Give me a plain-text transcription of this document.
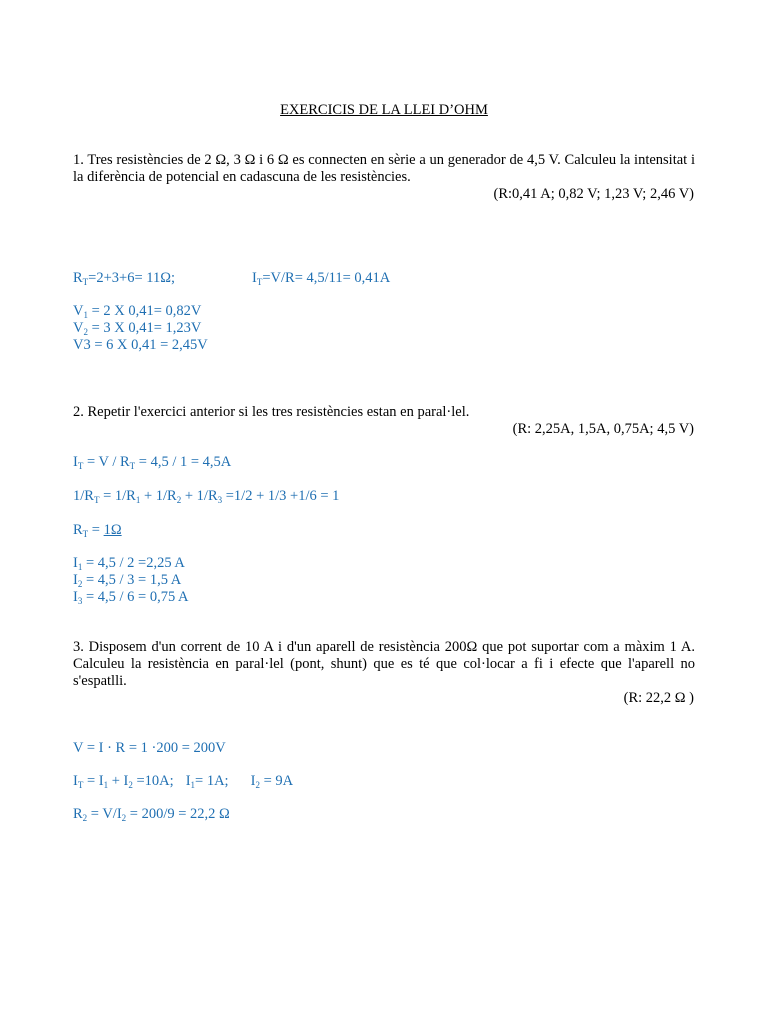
EXERCICIS DE LA LLEI D’OHM
1. Tres resistències de 2 Ω, 3 Ω i 6 Ω es connecten en sèrie a un generador de 4,5 V. Calculeu la intensitat i la diferència de potencial en cadascuna de les resistències.
(R:0,41 A; 0,82 V; 1,23 V; 2,46 V)
$R_T=2+3+6= 11\Omega$;	$I_T=V/R= 4,5/11= 0,41A$
$V_1 = 2$ X 0,41= 0,82V
$V_2 = 3$ X 0,41= 1,23V
V3 = 6 X 0,41 = 2,45V
2. Repetir l'exercici anterior si les tres resistències estan en paral·lel.
(R: 2,25A, 1,5A, 0,75A; 4,5 V)
$I_T = V / R_T = 4,5 / 1 = 4,5A$
$1/R_T = 1/R_1 + 1/R_2 + 1/R_3 =1/2 + 1/3 +1/6 = 1$
$R_T = 1\Omega$
$I_1 = 4,5 / 2 =2,25$ A
$I_2 = 4,5 / 3 = 1,5$ A
$I_3 = 4,5 / 6 = 0,75$ A
3. Disposem d'un corrent de 10 A i d'un aparell de resistència 200Ω que pot suportar com a màxim 1 A. Calculeu la resistència en paral·lel (pont, shunt) que es té que col·locar a fi i efecte que l'aparell no s'espatlli.
(R: 22,2 Ω )
V = I · R = 1 ·200 = 200V
$I_T = I_1 + I_2 =10A$; $I_1= 1A$; $I_2 = 9A$
$R_2 = V/I_2 = 200/9 = 22,2$ Ω
